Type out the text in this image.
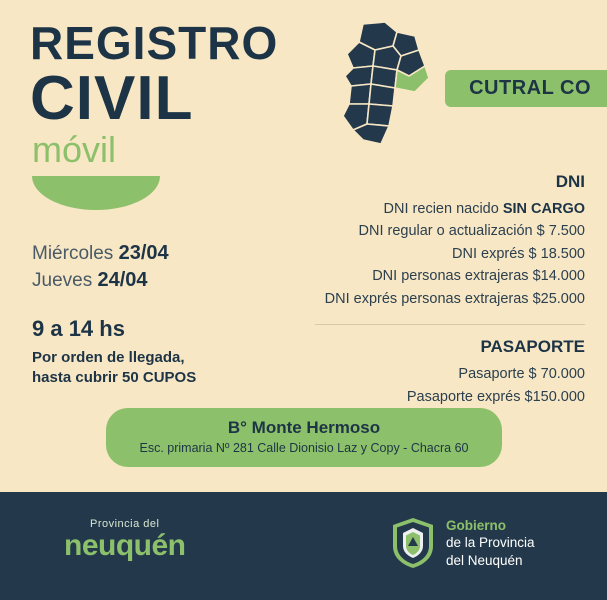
REGISTRO
CIVIL
móvil
Miércoles 23/04
Jueves 24/04
9 a 14 hs
Por orden de llegada,
hasta cubrir 50 CUPOS
CUTRAL CO
DNI
DNI recien nacido SIN CARGO
DNI regular o actualización $ 7.500
DNI exprés $ 18.500
DNI personas extrajeras $14.000
DNI exprés personas extrajeras $25.000
PASAPORTE
Pasaporte $ 70.000
Pasaporte exprés $150.000
B° Monte Hermoso
Esc. primaria Nº 281 Calle Dionisio Laz y Copy - Chacra 60
Provincia del
neuquén
Gobierno
de la Provincia
del Neuquén
